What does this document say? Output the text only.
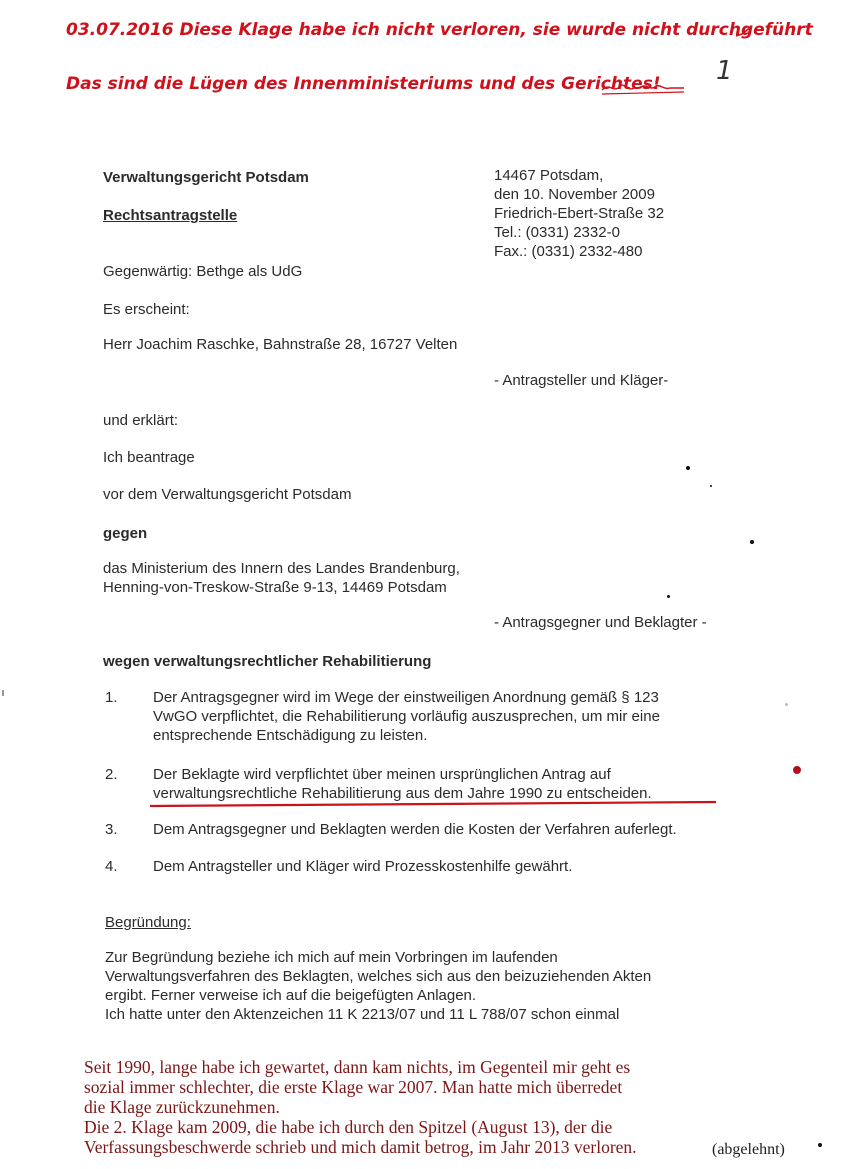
03.07.2016 Diese Klage habe ich nicht verloren, sie wurde nicht durchgeführt
Das sind die Lügen des Innenministeriums und des Gerichtes! 1
Verwaltungsgericht Potsdam
Rechtsantragstelle
14467 Potsdam,
den 10. November 2009
Friedrich-Ebert-Straße 32
Tel.: (0331) 2332-0
Fax.: (0331) 2332-480
Gegenwärtig: Bethge als UdG
Es erscheint:
Herr Joachim Raschke, Bahnstraße 28, 16727 Velten
- Antragsteller und Kläger-
und erklärt:
Ich beantrage
vor dem Verwaltungsgericht Potsdam
gegen
das Ministerium des Innern des Landes Brandenburg,
Henning-von-Treskow-Straße 9-13, 14469 Potsdam
- Antragsgegner und Beklagter -
wegen verwaltungsrechtlicher Rehabilitierung
1. Der Antragsgegner wird im Wege der einstweiligen Anordnung gemäß § 123
VwGO verpflichtet, die Rehabilitierung vorläufig auszusprechen, um mir eine
entsprechende Entschädigung zu leisten.
2. Der Beklagte wird verpflichtet über meinen ursprünglichen Antrag auf
verwaltungsrechtliche Rehabilitierung aus dem Jahre 1990 zu entscheiden.
3. Dem Antragsgegner und Beklagten werden die Kosten der Verfahren auferlegt.
4. Dem Antragsteller und Kläger wird Prozesskostenhilfe gewährt.
Begründung:
Zur Begründung beziehe ich mich auf mein Vorbringen im laufenden
Verwaltungsverfahren des Beklagten, welches sich aus den beizuziehenden Akten
ergibt. Ferner verweise ich auf die beigefügten Anlagen.
Ich hatte unter den Aktenzeichen 11 K 2213/07 und 11 L 788/07 schon einmal
Seit 1990, lange habe ich gewartet, dann kam nichts, im Gegenteil mir geht es
sozial immer schlechter, die erste Klage war 2007. Man hatte mich überredet
die Klage zurückzunehmen.
Die 2. Klage kam 2009, die habe ich durch den Spitzel (August 13), der die
Verfassungsbeschwerde schrieb und mich damit betrog, im Jahr 2013 verloren.	(abgelehnt)
